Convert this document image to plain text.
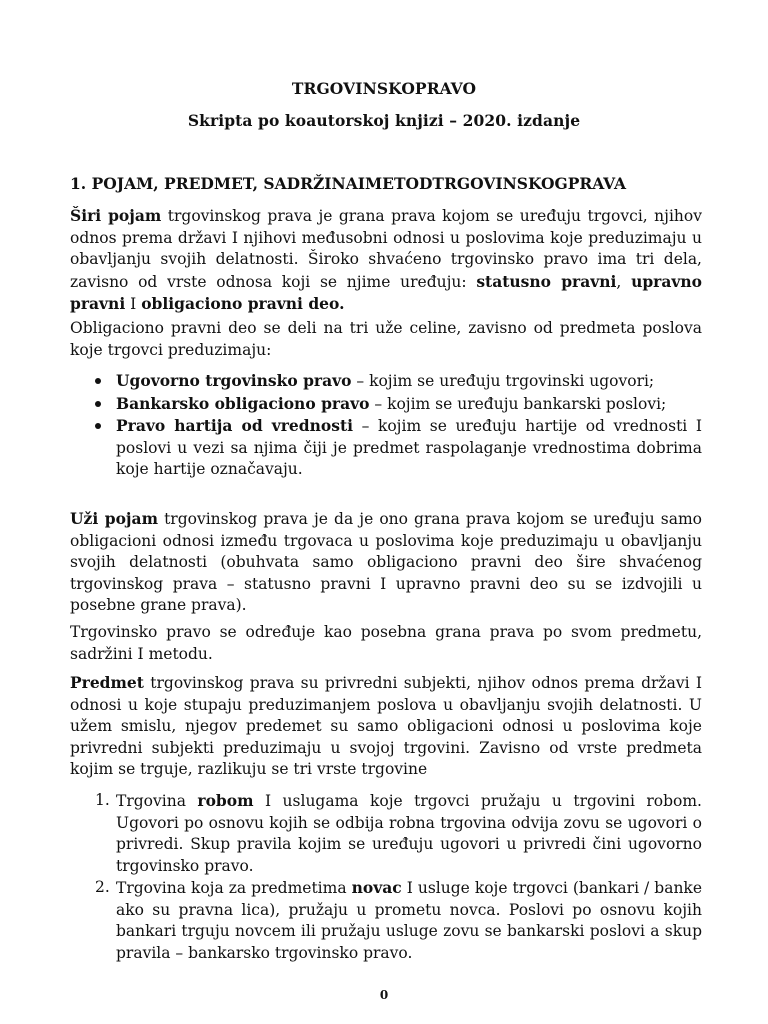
TRGOVINSKOPRAVO
Skripta po koautorskoj knjizi – 2020. izdanje
1. POJAM, PREDMET, SADRŽINAIMETODTRGOVINSKOGPRAVA

Širi pojam trgovinskog prava je grana prava kojom se uređuju trgovci, njihov odnos prema državi I njihovi međusobni odnosi u poslovima koje preduzimaju u obavljanju svojih delatnosti. Široko shvaćeno trgovinsko pravo ima tri dela, zavisno od vrste odnosa koji se njime uređuju: statusno pravni, upravno pravni I obligaciono pravni deo.

Obligaciono pravni deo se deli na tri uže celine, zavisno od predmeta poslova koje trgovci preduzimaju:

Ugovorno trgovinsko pravo – kojim se uređuju trgovinski ugovori;
Bankarsko obligaciono pravo – kojim se uređuju bankarski poslovi;
Pravo hartija od vrednosti – kojim se uređuju hartije od vrednosti I poslovi u vezi sa njima čiji je predmet raspolaganje vrednostima dobrima koje hartije označavaju.

Uži pojam trgovinskog prava je da je ono grana prava kojom se uređuju samo obligacioni odnosi između trgovaca u poslovima koje preduzimaju u obavljanju svojih delatnosti (obuhvata samo obligaciono pravni deo šire shvaćenog trgovinskog prava – statusno pravni I upravno pravni deo su se izdvojili u posebne grane prava).

Trgovinsko pravo se određuje kao posebna grana prava po svom predmetu, sadržini I metodu.

Predmet trgovinskog prava su privredni subjekti, njihov odnos prema državi I odnosi u koje stupaju preduzimanjem poslova u obavljanju svojih delatnosti. U užem smislu, njegov predemet su samo obligacioni odnosi u poslovima koje privredni subjekti preduzimaju u svojoj trgovini. Zavisno od vrste predmeta kojim se trguje, razlikuju se tri vrste trgovine

1. Trgovina robom I uslugama koje trgovci pružaju u trgovini robom. Ugovori po osnovu kojih se odbija robna trgovina odvija zovu se ugovori o privredi. Skup pravila kojim se uređuju ugovori u privredi čini ugovorno trgovinsko pravo.
2. Trgovina koja za predmetima novac I usluge koje trgovci (bankari / banke ako su pravna lica), pružaju u prometu novca. Poslovi po osnovu kojih bankari trguju novcem ili pružaju usluge zovu se bankarski poslovi a skup pravila – bankarsko trgovinsko pravo.
0
